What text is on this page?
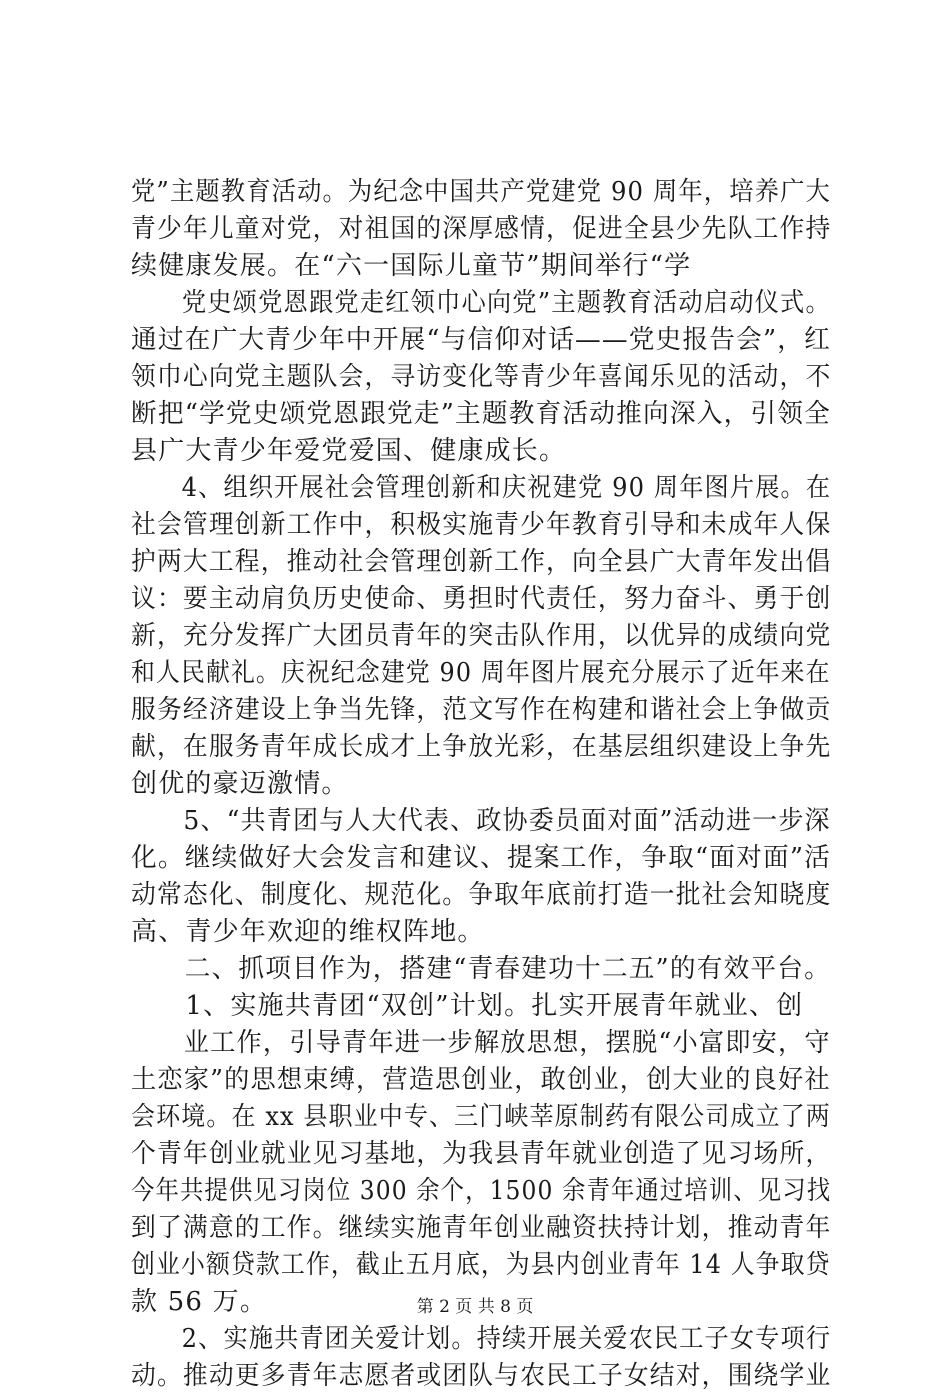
党”主题教育活动。为纪念中国共产党建党 90 周年，培养广大
青少年儿童对党，对祖国的深厚感情，促进全县少先队工作持
续健康发展。在“六一国际儿童节”期间举行“学
　　党史颂党恩跟党走红领巾心向党”主题教育活动启动仪式。
通过在广大青少年中开展“与信仰对话——党史报告会”，红
领巾心向党主题队会，寻访变化等青少年喜闻乐见的活动，不
断把“学党史颂党恩跟党走”主题教育活动推向深入，引领全
县广大青少年爱党爱国、健康成长。
　　4、组织开展社会管理创新和庆祝建党 90 周年图片展。在
社会管理创新工作中，积极实施青少年教育引导和未成年人保
护两大工程，推动社会管理创新工作，向全县广大青年发出倡
议：要主动肩负历史使命、勇担时代责任，努力奋斗、勇于创
新，充分发挥广大团员青年的突击队作用，以优异的成绩向党
和人民献礼。庆祝纪念建党 90 周年图片展充分展示了近年来在
服务经济建设上争当先锋，范文写作在构建和谐社会上争做贡
献，在服务青年成长成才上争放光彩，在基层组织建设上争先
创优的豪迈激情。
　　5、“共青团与人大代表、政协委员面对面”活动进一步深
化。继续做好大会发言和建议、提案工作，争取“面对面”活
动常态化、制度化、规范化。争取年底前打造一批社会知晓度
高、青少年欢迎的维权阵地。
　　二、抓项目作为，搭建“青春建功十二五”的有效平台。
　　1、实施共青团“双创”计划。扎实开展青年就业、创
　　业工作，引导青年进一步解放思想，摆脱“小富即安，守
土恋家”的思想束缚，营造思创业，敢创业，创大业的良好社
会环境。在 xx 县职业中专、三门峡莘原制药有限公司成立了两
个青年创业就业见习基地，为我县青年就业创造了见习场所，
今年共提供见习岗位 300 余个，1500 余青年通过培训、见习找
到了满意的工作。继续实施青年创业融资扶持计划，推动青年
创业小额贷款工作，截止五月底，为县内创业青年 14 人争取贷
款 56 万。
　　2、实施共青团关爱计划。持续开展关爱农民工子女专项行
动。推动更多青年志愿者或团队与农民工子女结对，围绕学业
第 2 页 共 8 页
